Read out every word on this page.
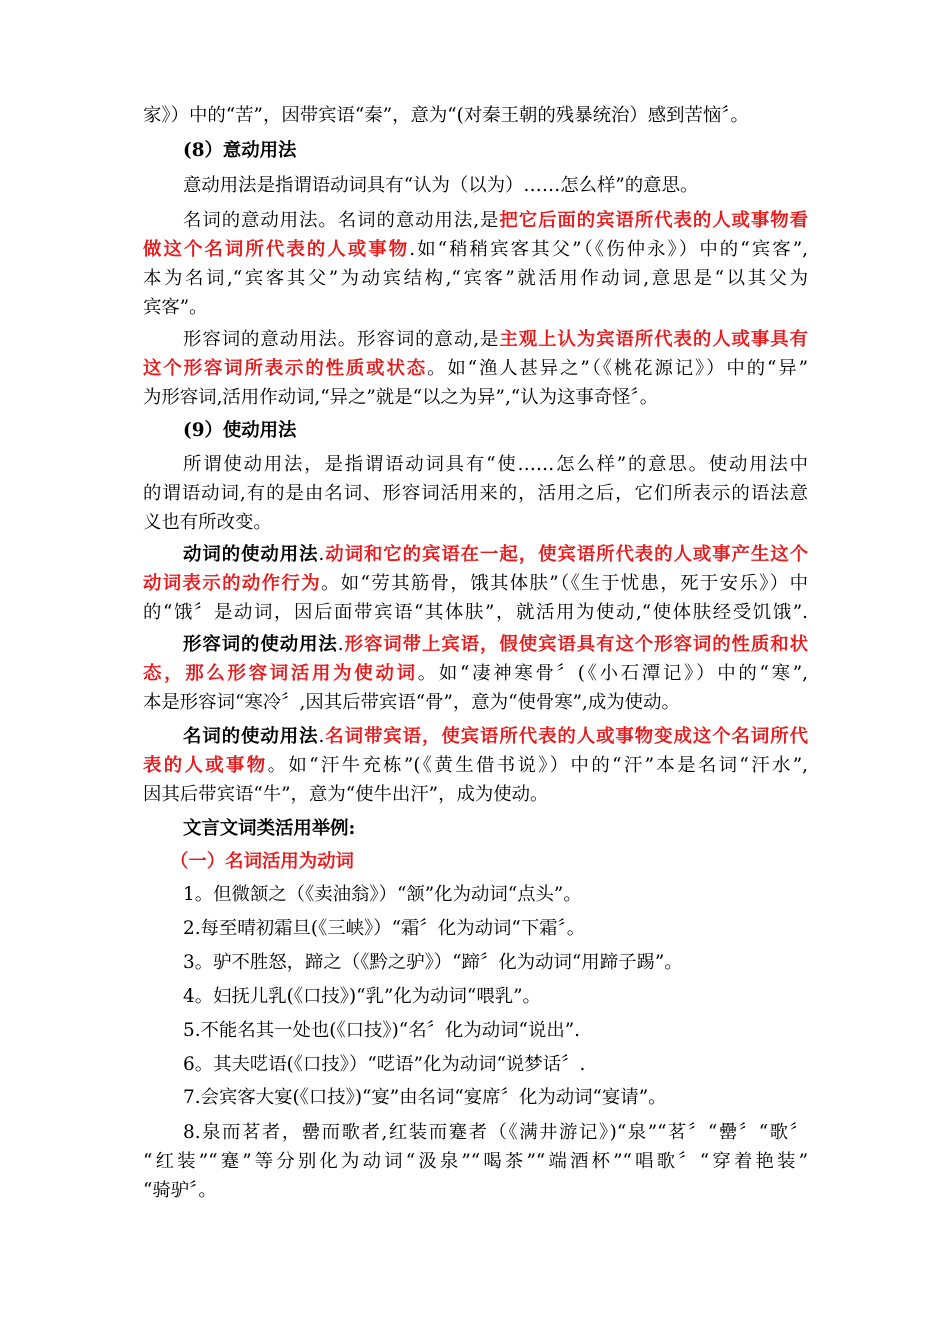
家》）中的“苦”，因带宾语“秦”，意为“(对秦王朝的残暴统治）感到苦恼〞。
(8）意动用法
意动用法是指谓语动词具有“认为（以为）……怎么样”的意思。
名词的意动用法。名词的意动用法,是把它后面的宾语所代表的人或事物看
做这个名词所代表的人或事物.如“稍稍宾客其父”（《伤仲永》）中的“宾客”,
本为名词,“宾客其父”为动宾结构,“宾客”就活用作动词,意思是“以其父为
宾客”。
形容词的意动用法。形容词的意动,是主观上认为宾语所代表的人或事具有
这个形容词所表示的性质或状态。如“渔人甚异之”（《桃花源记》）中的“异”
为形容词,活用作动词,“异之”就是“以之为异”,“认为这事奇怪〞。
(9）使动用法
所谓使动用法，是指谓语动词具有“使……怎么样”的意思。使动用法中
的谓语动词,有的是由名词、形容词活用来的，活用之后，它们所表示的语法意
义也有所改变。
动词的使动用法.动词和它的宾语在一起，使宾语所代表的人或事产生这个
动词表示的动作行为。如“劳其筋骨，饿其体肤”（《生于忧患，死于安乐》）中
的“饿〞是动词，因后面带宾语“其体肤”，就活用为使动,“使体肤经受饥饿”.
形容词的使动用法.形容词带上宾语，假使宾语具有这个形容词的性质和状
态，那么形容词活用为使动词。如“凄神寒骨〞(《小石潭记》）中的“寒”,
本是形容词“寒冷〞,因其后带宾语“骨”，意为“使骨寒”,成为使动。
名词的使动用法.名词带宾语，使宾语所代表的人或事物变成这个名词所代
表的人或事物。如“汗牛充栋”(《黄生借书说》）中的“汗”本是名词“汗水”,
因其后带宾语“牛”，意为“使牛出汗”，成为使动。
文言文词类活用举例:
（一）名词活用为动词
1。但微颔之（《卖油翁》）“颔”化为动词“点头”。
2.每至晴初霜旦(《三峡》）“霜〞化为动词“下霜〞。
3。驴不胜怒，蹄之（《黔之驴》）“蹄〞化为动词“用蹄子踢”。
4。妇抚儿乳(《口技》)“乳”化为动词“喂乳”。
5.不能名其一处也(《口技》)“名〞化为动词“说出”.
6。其夫呓语(《口技》）“呓语”化为动词“说梦话〞.
7.会宾客大宴(《口技》)“宴”由名词“宴席〞化为动词“宴请”。
8.泉而茗者，罍而歌者,红装而蹇者（《满井游记》)“泉”“茗〞“罍〞“歌〞
“红装”“蹇”等分别化为动词“汲泉”“喝茶”“端酒杯”“唱歌〞“穿着艳装”
“骑驴〞。
